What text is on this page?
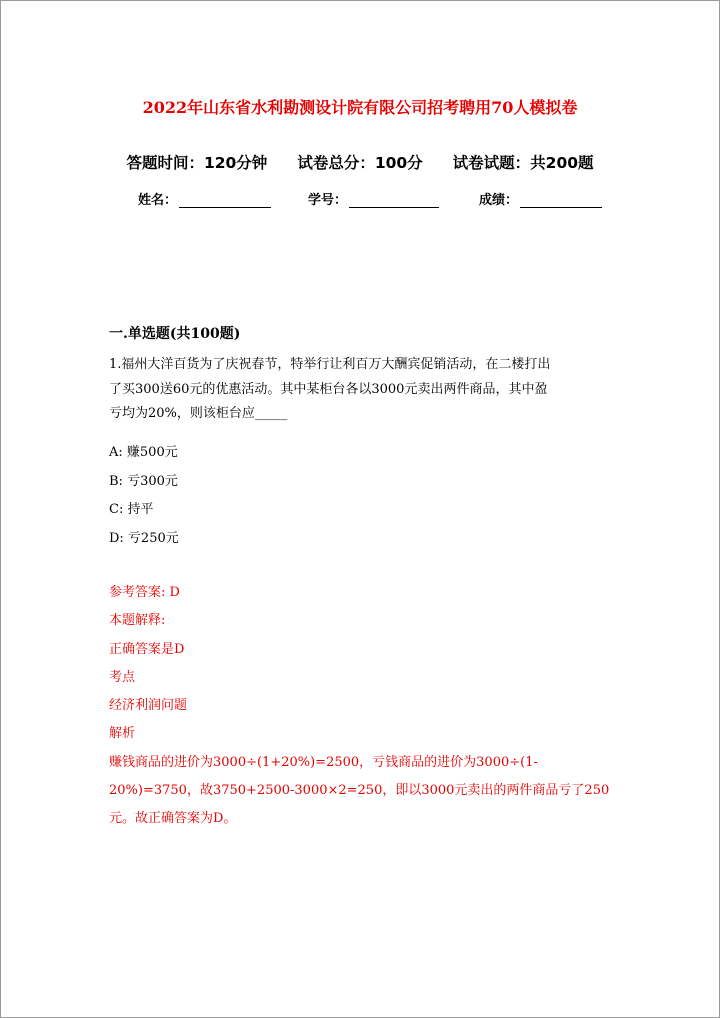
2022年山东省水利勘测设计院有限公司招考聘用70人模拟卷
答题时间：120分钟 试卷总分：100分 试卷试题：共200题
姓名：	学号：	成绩：
一.单选题(共100题)
1.福州大洋百货为了庆祝春节，特举行让利百万大酬宾促销活动，在二楼打出
了买300送60元的优惠活动。其中某柜台各以3000元卖出两件商品，其中盈
亏均为20%，则该柜台应_____
A: 赚500元
B: 亏300元
C: 持平
D: 亏250元
参考答案: D
本题解释:
正确答案是D
考点
经济利润问题
解析
赚钱商品的进价为3000÷(1+20%)=2500，亏钱商品的进价为3000÷(1-
20%)=3750，故3750+2500-3000×2=250，即以3000元卖出的两件商品亏了250
元。故正确答案为D。
